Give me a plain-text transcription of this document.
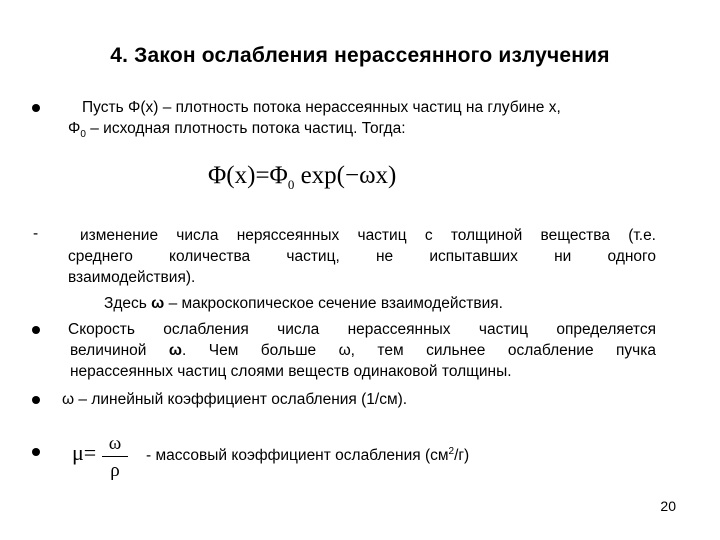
4. Закон ослабления нерассеянного излучения
Пусть Φ(x) – плотность потока нерассеянных частиц на глубине x,
$\Phi_0$ – исходная плотность потока частиц. Тогда:
$\Phi(x)=\Phi_0$ exp(−ωx)
-	изменение числа неряссеянных частиц с толщиной вещества (т.е.
среднего количества частиц, не испытавших ни одного
взаимодействия).
Здесь ω – макроскопическое сечение взаимодействия.
Скорость ослабления числа нерассеянных частиц определяется
величиной ω. Чем больше ω, тем сильнее ослабление пучка
нерассеянных частиц слоями веществ одинаковой толщины.
ω – линейный коэффициент ослабления (1/см).
μ= ω
ρ
- массовый коэффициент ослабления $(см^2/г)$
20
